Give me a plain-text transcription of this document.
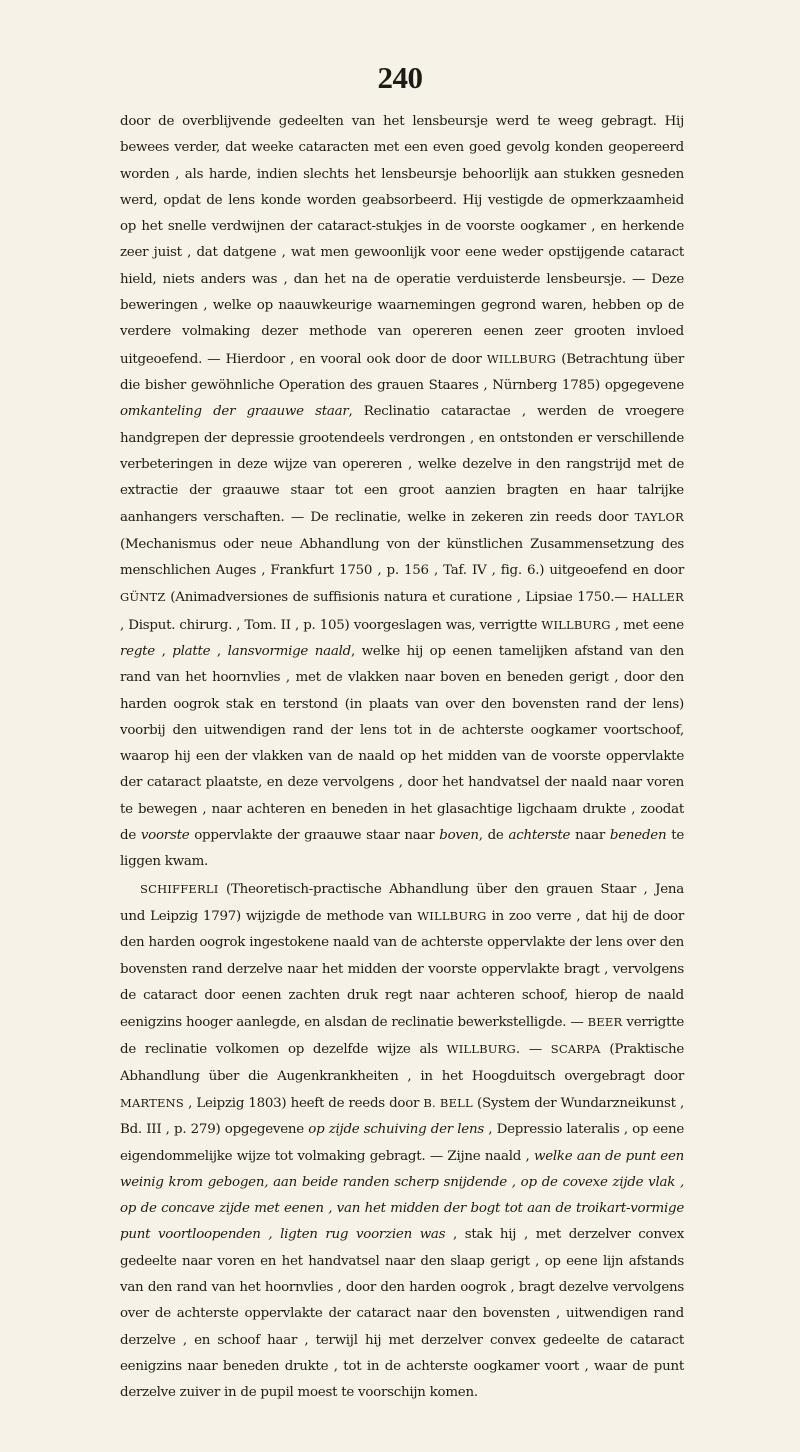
240

door de overblijvende gedeelten van het lensbeursje werd te weeg gebragt. Hij bewees verder, dat weeke cataracten met een even goed gevolg konden geopereerd worden , als harde, indien slechts het lensbeursje behoorlijk aan stukken gesneden werd, opdat de lens konde worden geabsorbeerd. Hij vestigde de opmerkzaamheid op het snelle verdwijnen der cataract-stukjes in de voorste oogkamer , en herkende zeer juist , dat datgene , wat men gewoonlijk voor eene weder opstijgende cataract hield, niets anders was , dan het na de operatie verduisterde lensbeursje. — Deze beweringen , welke op naauwkeurige waarnemingen gegrond waren, hebben op de verdere volmaking dezer methode van opereren eenen zeer grooten invloed uitgeoefend. — Hierdoor , en vooral ook door de door WILLBURG (Betrachtung über die bisher gewöhnliche Operation des grauen Staares , Nürnberg 1785) opgegevene omkanteling der graauwe staar, Reclinatio cataractae , werden de vroegere handgrepen der depressie grootendeels verdrongen , en ontstonden er verschillende verbeteringen in deze wijze van opereren , welke dezelve in den rangstrijd met de extractie der graauwe staar tot een groot aanzien bragten en haar talrijke aanhangers verschaften. — De reclinatie, welke in zekeren zin reeds door TAYLOR (Mechanismus oder neue Abhandlung von der künstlichen Zusammensetzung des menschlichen Auges , Frankfurt 1750 , p. 156 , Taf. IV , fig. 6.) uitgeoefend en door GÜNTZ (Animadversiones de suffisionis natura et curatione , Lipsiae 1750.— HALLER , Disput. chirurg. , Tom. II , p. 105) voorgeslagen was, verrigtte WILLBURG , met eene regte , platte , lansvormige naald, welke hij op eenen tamelijken afstand van den rand van het hoornvlies , met de vlakken naar boven en beneden gerigt , door den harden oogrok stak en terstond (in plaats van over den bovensten rand der lens) voorbij den uitwendigen rand der lens tot in de achterste oogkamer voortschoof, waarop hij een der vlakken van de naald op het midden van de voorste oppervlakte der cataract plaatste, en deze vervolgens , door het handvatsel der naald naar voren te bewegen , naar achteren en beneden in het glasachtige ligchaam drukte , zoodat de voorste oppervlakte der graauwe staar naar boven, de achterste naar beneden te liggen kwam.

SCHIFFERLI (Theoretisch-practische Abhandlung über den grauen Staar , Jena und Leipzig 1797) wijzigde de methode van WILLBURG in zoo verre , dat hij de door den harden oogrok ingestokene naald van de achterste oppervlakte der lens over den bovensten rand derzelve naar het midden der voorste oppervlakte bragt , vervolgens de cataract door eenen zachten druk regt naar achteren schoof, hierop de naald eenigzins hooger aanlegde, en alsdan de reclinatie bewerkstelligde. — BEER verrigtte de reclinatie volkomen op dezelfde wijze als WILLBURG. — SCARPA (Praktische Abhandlung über die Augenkrankheiten , in het Hoogduitsch overgebragt door MARTENS , Leipzig 1803) heeft de reeds door B. BELL (System der Wundarzneikunst , Bd. III , p. 279) opgegevene op zijde schuiving der lens , Depressio lateralis , op eene eigendommelijke wijze tot volmaking gebragt. — Zijne naald , welke aan de punt een weinig krom gebogen, aan beide randen scherp snijdende , op de covexe zijde vlak , op de concave zijde met eenen , van het midden der bogt tot aan de troikart-vormige punt voortloopenden , ligten rug voorzien was , stak hij , met derzelver convex gedeelte naar voren en het handvatsel naar den slaap gerigt , op eene lijn afstands van den rand van het hoornvlies , door den harden oogrok , bragt dezelve vervolgens over de achterste oppervlakte der cataract naar den bovensten , uitwendigen rand derzelve , en schoof haar , terwijl hij met derzelver convex gedeelte de cataract eenigzins naar beneden drukte , tot in de achterste oogkamer voort , waar de punt derzelve zuiver in de pupil moest te voorschijn komen.
